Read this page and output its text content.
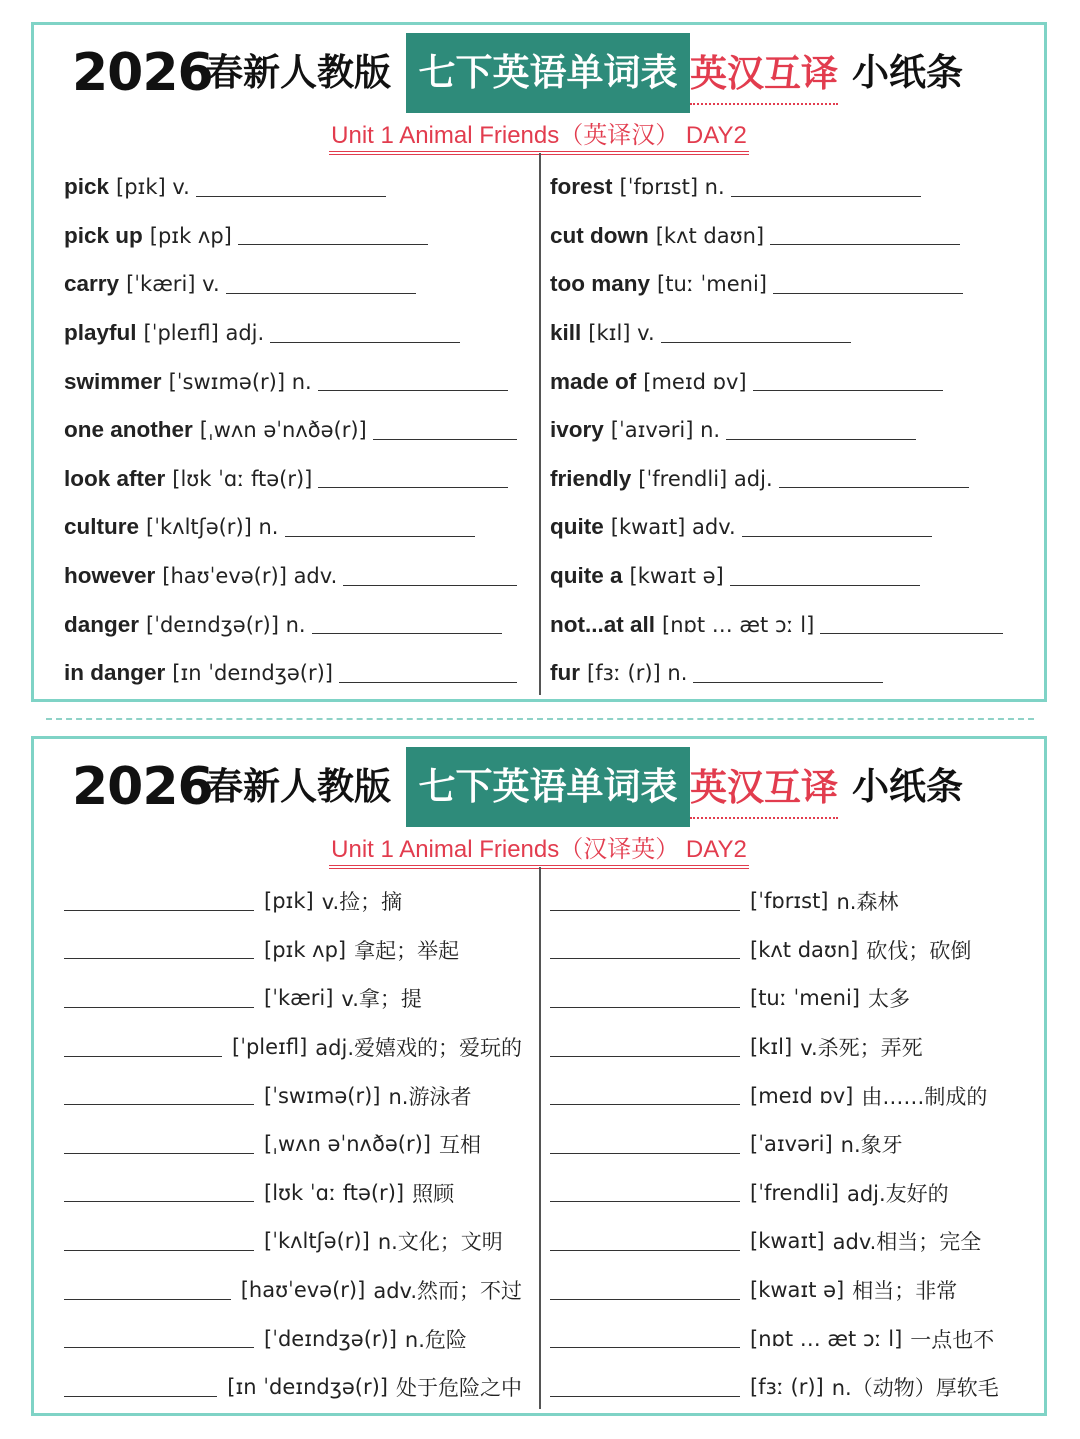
2026
春新人教版 七下英语单词表 英汉互译 小纸条
Unit 1 Animal Friends（英译汉） DAY2
pick [pɪk] v.
pick up [pɪk ʌp]
carry [ˈkæri] v.
playful [ˈpleɪfl] adj.
swimmer [ˈswɪmə(r)] n.
one another [ˌwʌn əˈnʌðə(r)]
look after [lʊk ˈɑː ftə(r)]
culture [ˈkʌltʃə(r)] n.
however [haʊˈevə(r)] adv.
danger [ˈdeɪndʒə(r)] n.
in danger [ɪn ˈdeɪndʒə(r)]
forest [ˈfɒrɪst] n.
cut down [kʌt daʊn]
too many [tuː ˈmeni]
kill [kɪl] v.
made of [meɪd ɒv]
ivory [ˈaɪvəri] n.
friendly [ˈfrendli] adj.
quite [kwaɪt] adv.
quite a [kwaɪt ə]
not...at all [nɒt … æt ɔː l]
fur [fɜː (r)] n.
2026
春新人教版 七下英语单词表 英汉互译 小纸条
Unit 1 Animal Friends（汉译英） DAY2
[pɪk] v.捡；摘
[pɪk ʌp] 拿起；举起
[ˈkæri] v.拿；提
[ˈpleɪfl] adj.爱嬉戏的；爱玩的
[ˈswɪmə(r)] n.游泳者
[ˌwʌn əˈnʌðə(r)] 互相
[lʊk ˈɑː ftə(r)] 照顾
[ˈkʌltʃə(r)] n.文化；文明
[haʊˈevə(r)] adv.然而；不过
[ˈdeɪndʒə(r)] n.危险
[ɪn ˈdeɪndʒə(r)] 处于危险之中
[ˈfɒrɪst] n.森林
[kʌt daʊn] 砍伐；砍倒
[tuː ˈmeni] 太多
[kɪl] v.杀死；弄死
[meɪd ɒv] 由……制成的
[ˈaɪvəri] n.象牙
[ˈfrendli] adj.友好的
[kwaɪt] adv.相当；完全
[kwaɪt ə] 相当；非常
[nɒt … æt ɔː l] 一点也不
[fɜː (r)] n.（动物）厚软毛
